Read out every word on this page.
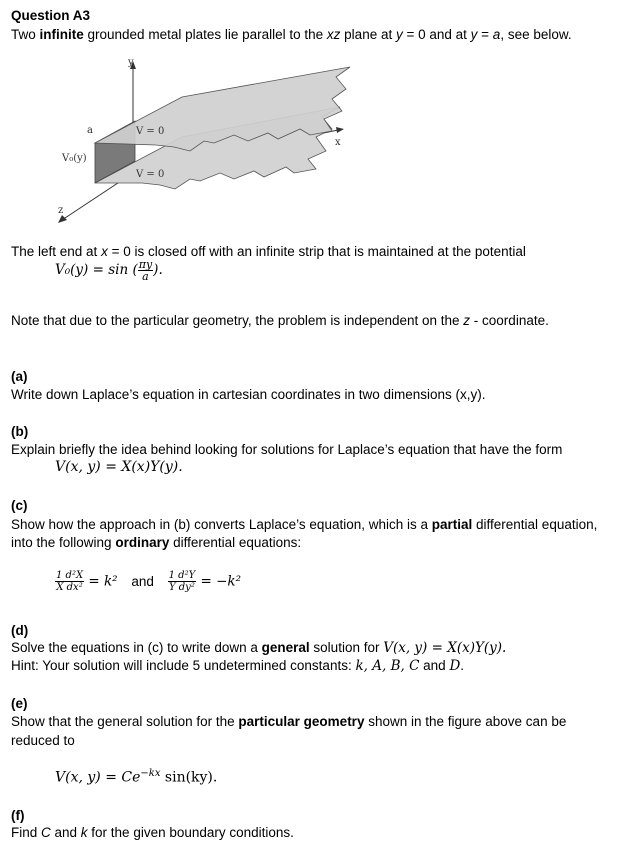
Question A3
Two infinite grounded metal plates lie parallel to the xz plane at y = 0 and at y = a, see below.
y
x
z
a
V₀(y)
V = 0
V = 0
The left end at x = 0 is closed off with an infinite strip that is maintained at the potential
V₀(y) = sin ( $\frac{\pi y}{a}$ ).
Note that due to the particular geometry, the problem is independent on the z - coordinate.
(a)
Write down Laplace’s equation in cartesian coordinates in two dimensions (x,y).
(b)
Explain briefly the idea behind looking for solutions for Laplace’s equation that have the form
V(x, y) = X(x)Y(y).
(c)
Show how the approach in (b) converts Laplace’s equation, which is a partial differential equation,
into the following ordinary differential equations:
$\frac{\text{1 d²X}}{\text{X dx²}} = k^2$ and $\frac{\text{1 d²Y}}{\text{Y dy²}} = -k^2$
(d)
Solve the equations in (c) to write down a general solution for V(x, y) = X(x)Y(y).
Hint: Your solution will include 5 undetermined constants: k, A, B, C and D.
(e)
Show that the general solution for the particular geometry shown in the figure above can be
reduced to
V(x, $y) = Ce^{-kx}$ sin(ky).
(f)
Find C and k for the given boundary conditions.
